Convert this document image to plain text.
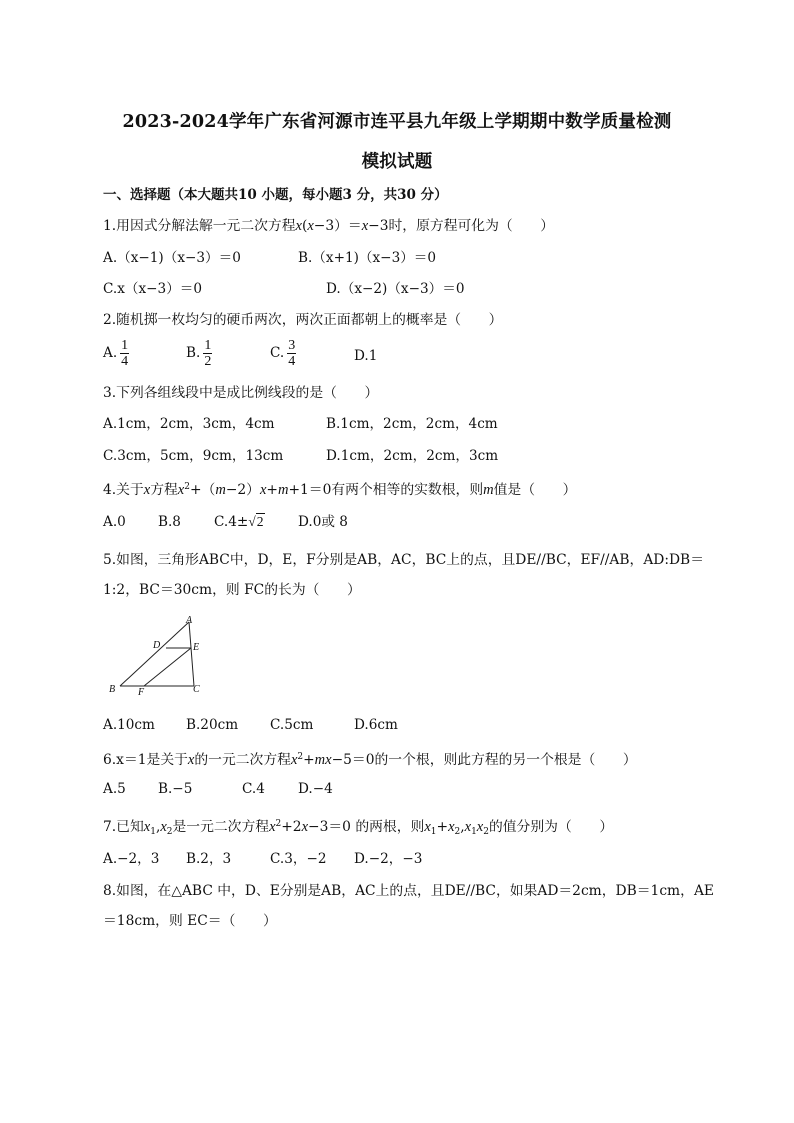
2023-2024学年广东省河源市连平县九年级上学期期中数学质量检测
模拟试题
一、选择题（本大题共10 小题，每小题3 分，共30 分）
1.用因式分解法解一元二次方程x(x−3）＝x−3时，原方程可化为（　　）
A.（x−1)（x−3）＝0	B.（x+1)（x−3）＝0
C.x（x−3）＝0	D.（x−2)（x−3）＝0
2.随机掷一枚均匀的硬币两次，两次正面都朝上的概率是（　　）
A. $\frac{1}{4}$	B. $\frac{1}{2}$	C. $\frac{3}{4}$	D.1
3.下列各组线段中是成比例线段的是（　　）
A.1cm，2cm，3cm，4cm	B.1cm，2cm，2cm，4cm
C.3cm，5cm，9cm，13cm	D.1cm，2cm，2cm，3cm
4.关于x方程$x^2+(m-2)x+m+1=0$有两个相等的实数根，则m值是（　　）
A.0 B.8 C.4±√2	D.0或 8
5.如图，三角形ABC中，D，E，F分别是AB，AC，BC上的点，且DE//BC，EF//AB，AD:DB＝
1:2，BC＝30cm，则 FC的长为（　　）
A
B	C
D	E
F
A.10cm B.20cm C.5cm	D.6cm
6.x＝1是关于x的一元二次方程$x^2+mx-5=0$的一个根，则此方程的另一个根是（　　）
A.5 B.−5	C.4 D.−4
7.已知$x_1,x_2$是一元二次方程$x^2+2x-3=0$ 的两根，则$x_1+x_2,x_1x_2$的值分别为（　　）
A.−2，3 B.2，3	C.3，−2 D.−2，−3
8.如图，在△ABC 中，D、E分别是AB，AC上的点，且DE//BC，如果AD＝2cm，DB＝1cm，AE
＝18cm，则 EC＝（　　）
